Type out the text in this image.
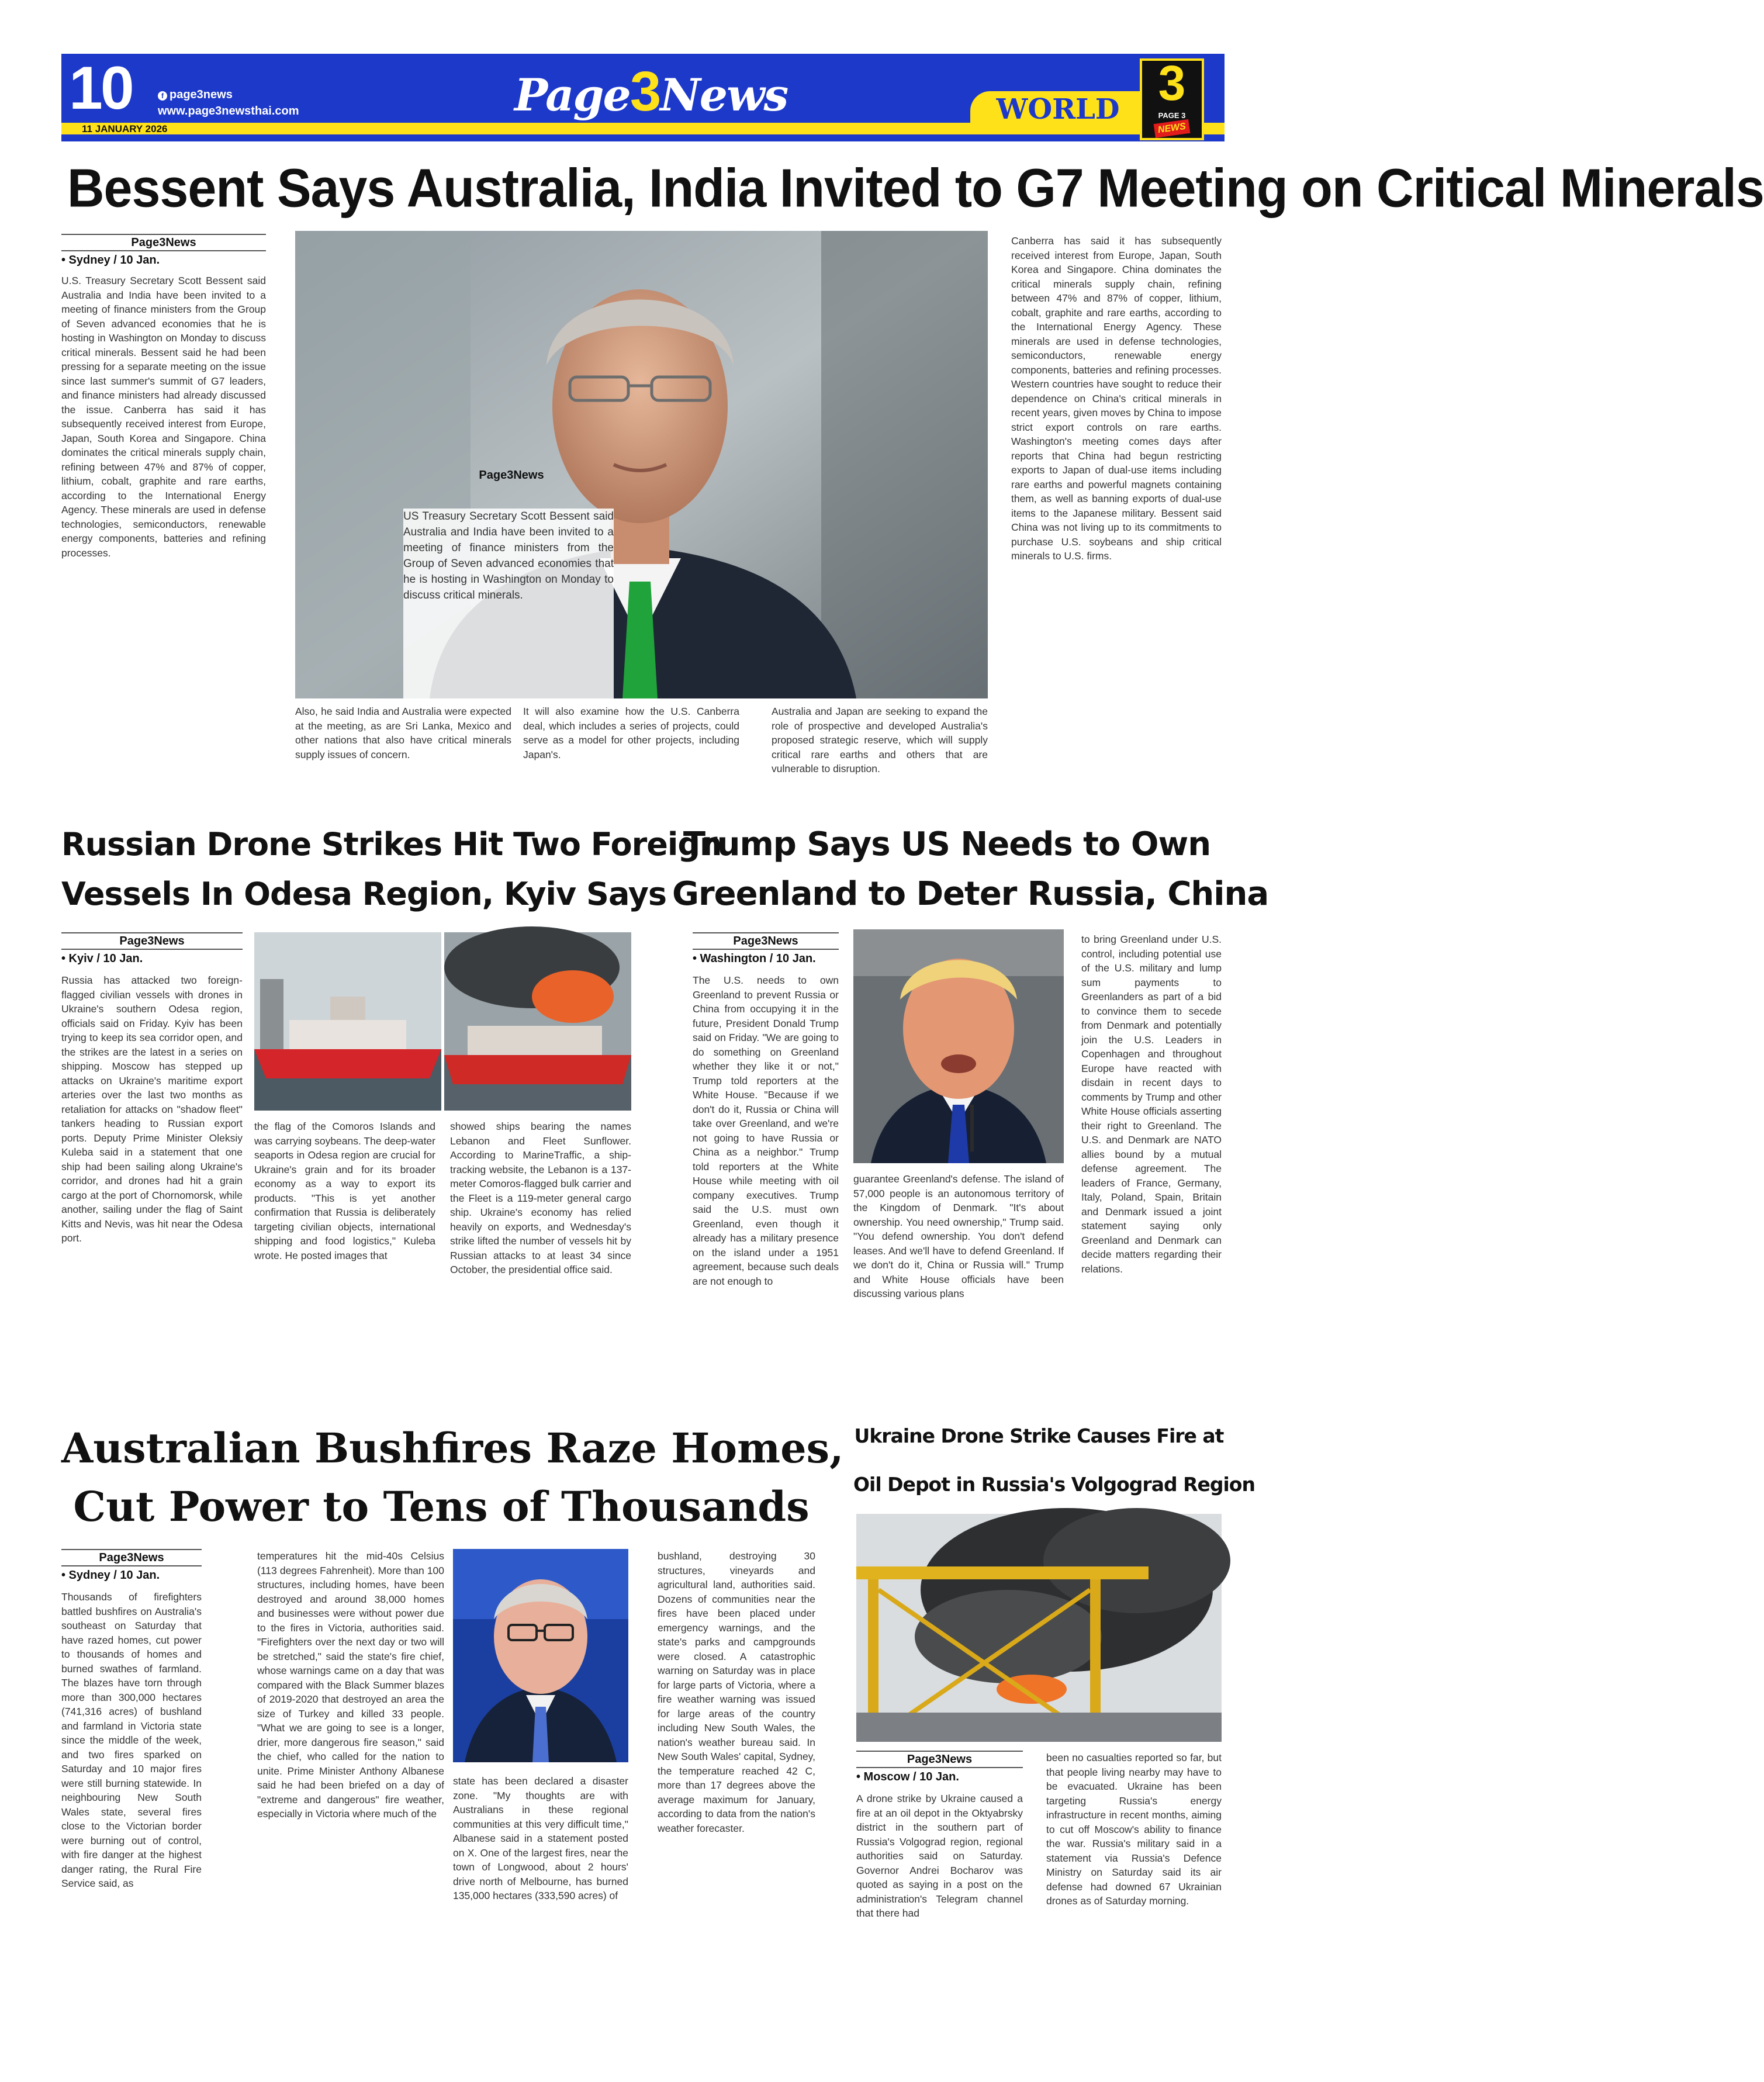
10	f page3news
www.page3newsthai.com
11 JANUARY 2026
Page3News	WORLD 3
PAGE 3
NEWS
Bessent Says Australia, India Invited to G7 Meeting on Critical Minerals
Page3News
• Sydney / 10 Jan.
U.S. Treasury Secretary Scott Bessent said Australia and India have been invited to a meeting of finance ministers from the Group of Seven advanced economies that he is hosting in Washington on Monday to discuss critical minerals. Bessent said he had been pressing for a separate meeting on the issue since last summer's summit of G7 leaders, and finance ministers had already discussed the issue. Canberra has said it has subsequently received interest from Europe, Japan, South Korea and Singapore. China dominates the critical minerals supply chain, refining between 47% and 87% of copper, lithium, cobalt, graphite and rare earths, according to the International Energy Agency. These minerals are used in defense technologies, semiconductors, renewable energy components, batteries and refining processes.
Page3News
US Treasury Secretary Scott Bessent said Australia and India have been invited to a meeting of finance ministers from the Group of Seven advanced economies that he is hosting in Washington on Monday to discuss critical minerals.
Also, he said India and Australia were expected at the meeting, as are Sri Lanka, Mexico and other nations that also have critical minerals supply issues of concern.
It will also examine how the U.S. Canberra deal, which includes a series of projects, could serve as a model for other projects, including Japan's.
Australia and Japan are seeking to expand the role of prospective and developed Australia's proposed strategic reserve, which will supply critical rare earths and others that are vulnerable to disruption.
Canberra has said it has subsequently received interest from Europe, Japan, South Korea and Singapore. China dominates the critical minerals supply chain, refining between 47% and 87% of copper, lithium, cobalt, graphite and rare earths, according to the International Energy Agency. These minerals are used in defense technologies, semiconductors, renewable energy components, batteries and refining processes. Western countries have sought to reduce their dependence on China's critical minerals in recent years, given moves by China to impose strict export controls on rare earths. Washington's meeting comes days after reports that China had begun restricting exports to Japan of dual-use items including rare earths and powerful magnets containing them, as well as banning exports of dual-use items to the Japanese military. Bessent said China was not living up to its commitments to purchase U.S. soybeans and ship critical minerals to U.S. firms.
Russian Drone Strikes Hit Two Foreign
Vessels In Odesa Region, Kyiv Says
Page3News
• Kyiv / 10 Jan.
Russia has attacked two foreign-flagged civilian vessels with drones in Ukraine's southern Odesa region, officials said on Friday. Kyiv has been trying to keep its sea corridor open, and the strikes are the latest in a series on shipping. Moscow has stepped up attacks on Ukraine's maritime export arteries over the last two months as retaliation for attacks on "shadow fleet" tankers heading to Russian export ports. Deputy Prime Minister Oleksiy Kuleba said in a statement that one ship had been sailing along Ukraine's corridor, and drones had hit a grain cargo at the port of Chornomorsk, while another, sailing under the flag of Saint Kitts and Nevis, was hit near the Odesa port.
the flag of the Comoros Islands and was carrying soybeans. The deep-water seaports in Odesa region are crucial for Ukraine's grain and for its broader economy as a way to export its products. "This is yet another confirmation that Russia is deliberately targeting civilian objects, international shipping and food logistics," Kuleba wrote. He posted images that
showed ships bearing the names Lebanon and Fleet Sunflower. According to MarineTraffic, a ship-tracking website, the Lebanon is a 137-meter Comoros-flagged bulk carrier and the Fleet is a 119-meter general cargo ship. Ukraine's economy has relied heavily on exports, and Wednesday's strike lifted the number of vessels hit by Russian attacks to at least 34 since October, the presidential office said.
Trump Says US Needs to Own
Greenland to Deter Russia, China
Page3News
• Washington / 10 Jan.
The U.S. needs to own Greenland to prevent Russia or China from occupying it in the future, President Donald Trump said on Friday. "We are going to do something on Greenland whether they like it or not," Trump told reporters at the White House. "Because if we don't do it, Russia or China will take over Greenland, and we're not going to have Russia or China as a neighbor." Trump told reporters at the White House while meeting with oil company executives. Trump said the U.S. must own Greenland, even though it already has a military presence on the island under a 1951 agreement, because such deals are not enough to
guarantee Greenland's defense. The island of 57,000 people is an autonomous territory of the Kingdom of Denmark. "It's about ownership. You need ownership," Trump said. "You defend ownership. You don't defend leases. And we'll have to defend Greenland. If we don't do it, China or Russia will." Trump and White House officials have been discussing various plans
to bring Greenland under U.S. control, including potential use of the U.S. military and lump sum payments to Greenlanders as part of a bid to convince them to secede from Denmark and potentially join the U.S. Leaders in Copenhagen and throughout Europe have reacted with disdain in recent days to comments by Trump and other White House officials asserting their right to Greenland. The U.S. and Denmark are NATO allies bound by a mutual defense agreement. The leaders of France, Germany, Italy, Poland, Spain, Britain and Denmark issued a joint statement saying only Greenland and Denmark can decide matters regarding their relations.
Australian Bushfires Raze Homes,
Cut Power to Tens of Thousands
Page3News
• Sydney / 10 Jan.
Thousands of firefighters battled bushfires on Australia's southeast on Saturday that have razed homes, cut power to thousands of homes and burned swathes of farmland. The blazes have torn through more than 300,000 hectares (741,316 acres) of bushland and farmland in Victoria state since the middle of the week, and two fires sparked on Saturday and 10 major fires were still burning statewide. In neighbouring New South Wales state, several fires close to the Victorian border were burning out of control, with fire danger at the highest danger rating, the Rural Fire Service said, as
temperatures hit the mid-40s Celsius (113 degrees Fahrenheit). More than 100 structures, including homes, have been destroyed and around 38,000 homes and businesses were without power due to the fires in Victoria, authorities said. "Firefighters over the next day or two will be stretched," said the state's fire chief, whose warnings came on a day that was compared with the Black Summer blazes of 2019-2020 that destroyed an area the size of Turkey and killed 33 people. "What we are going to see is a longer, drier, more dangerous fire season," said the chief, who called for the nation to unite. Prime Minister Anthony Albanese said he had been briefed on a day of "extreme and dangerous" fire weather, especially in Victoria where much of the
state has been declared a disaster zone. "My thoughts are with Australians in these regional communities at this very difficult time," Albanese said in a statement posted on X. One of the largest fires, near the town of Longwood, about 2 hours' drive north of Melbourne, has burned 135,000 hectares (333,590 acres) of
bushland, destroying 30 structures, vineyards and agricultural land, authorities said. Dozens of communities near the fires have been placed under emergency warnings, and the state's parks and campgrounds were closed. A catastrophic warning on Saturday was in place for large parts of Victoria, where a fire weather warning was issued for large areas of the country including New South Wales, the nation's weather bureau said. In New South Wales' capital, Sydney, the temperature reached 42 C, more than 17 degrees above the average maximum for January, according to data from the nation's weather forecaster.
Ukraine Drone Strike Causes Fire at
Oil Depot in Russia's Volgograd Region
Page3News
• Moscow / 10 Jan.
A drone strike by Ukraine caused a fire at an oil depot in the Oktyabrsky district in the southern part of Russia's Volgograd region, regional authorities said on Saturday. Governor Andrei Bocharov was quoted as saying in a post on the administration's Telegram channel that there had
been no casualties reported so far, but that people living nearby may have to be evacuated. Ukraine has been targeting Russia's energy infrastructure in recent months, aiming to cut off Moscow's ability to finance the war. Russia's military said in a statement via Russia's Defence Ministry on Saturday said its air defense had downed 67 Ukrainian drones as of Saturday morning.
